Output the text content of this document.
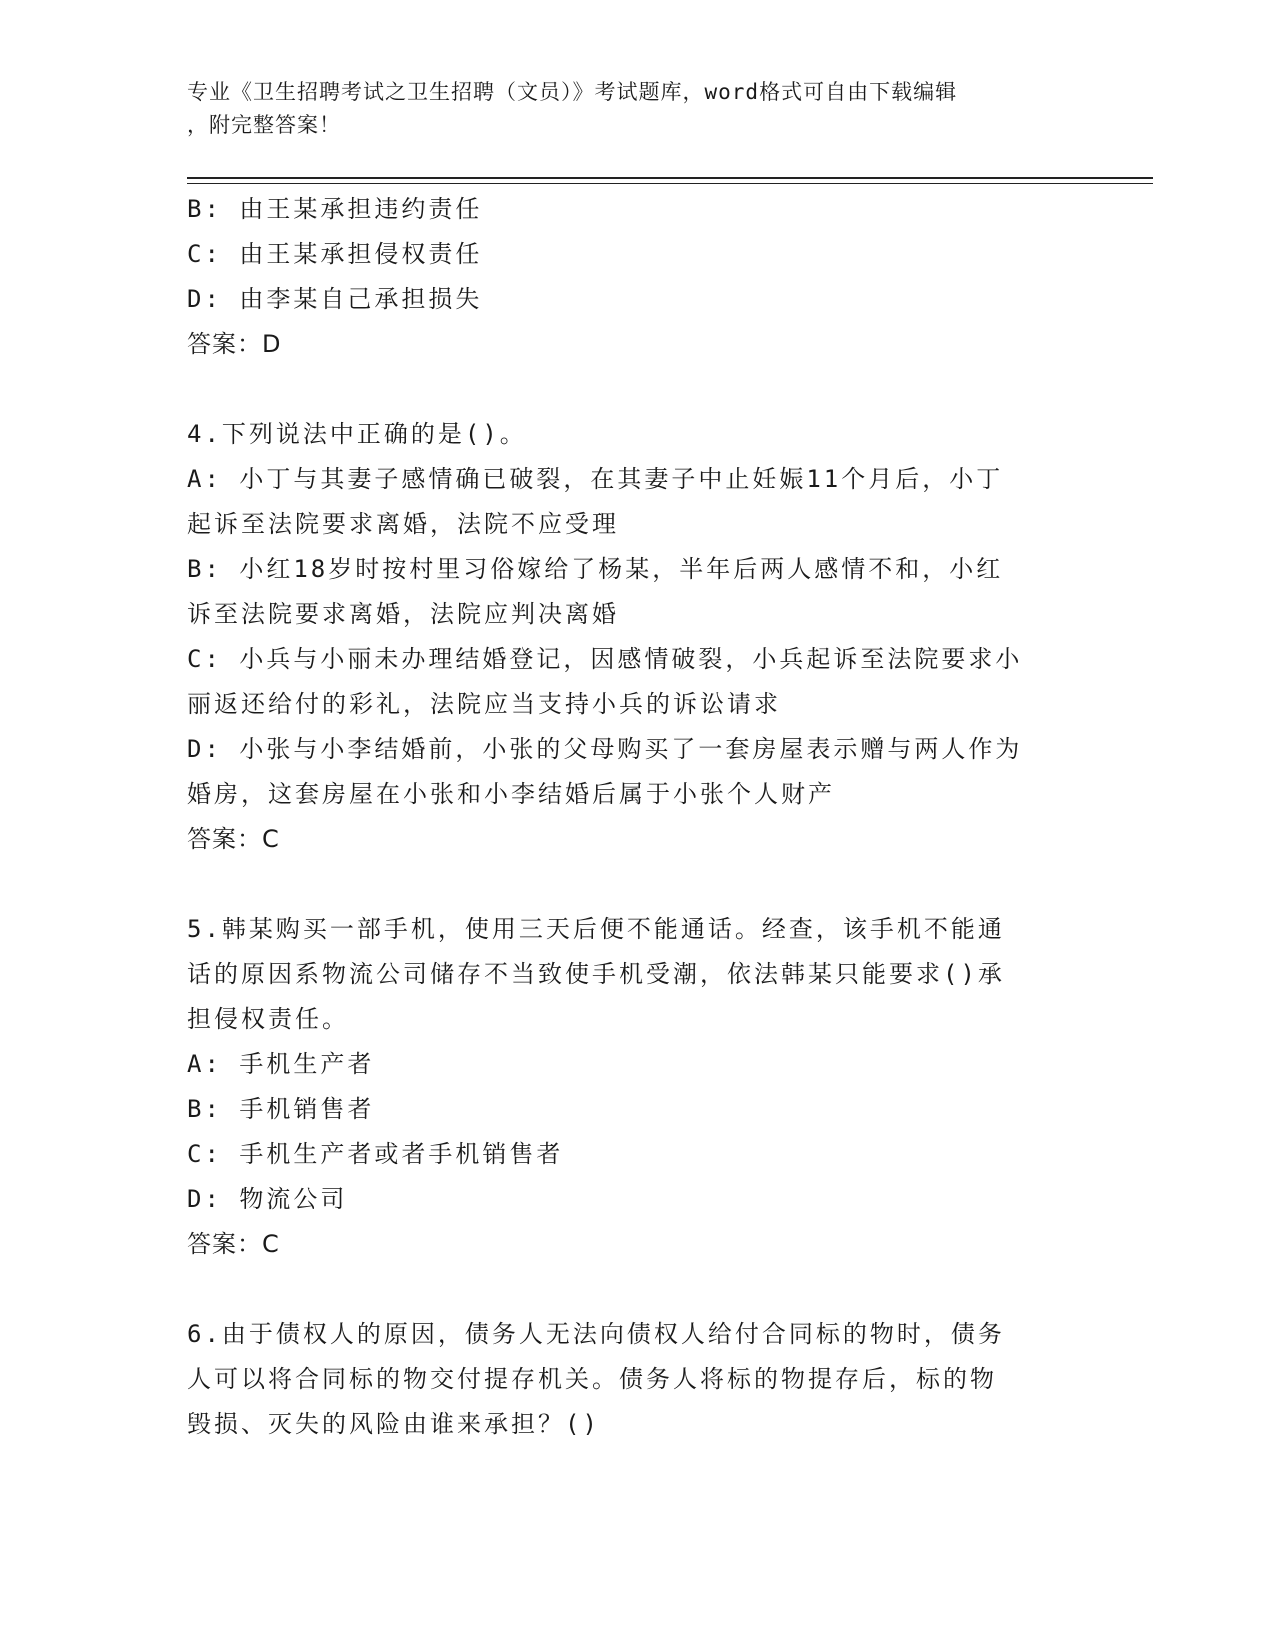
专业《卫生招聘考试之卫生招聘（文员）》考试题库，word格式可自由下载编辑
，附完整答案！
B: 由王某承担违约责任
C: 由王某承担侵权责任
D: 由李某自己承担损失
答案：D
4.下列说法中正确的是()。
A: 小丁与其妻子感情确已破裂，在其妻子中止妊娠11个月后，小丁
起诉至法院要求离婚，法院不应受理
B: 小红18岁时按村里习俗嫁给了杨某，半年后两人感情不和，小红
诉至法院要求离婚，法院应判决离婚
C: 小兵与小丽未办理结婚登记，因感情破裂，小兵起诉至法院要求小
丽返还给付的彩礼，法院应当支持小兵的诉讼请求
D: 小张与小李结婚前，小张的父母购买了一套房屋表示赠与两人作为
婚房，这套房屋在小张和小李结婚后属于小张个人财产
答案：C
5.韩某购买一部手机，使用三天后便不能通话。经查，该手机不能通
话的原因系物流公司储存不当致使手机受潮，依法韩某只能要求()承
担侵权责任。
A: 手机生产者
B: 手机销售者
C: 手机生产者或者手机销售者
D: 物流公司
答案：C
6.由于债权人的原因，债务人无法向债权人给付合同标的物时，债务
人可以将合同标的物交付提存机关。债务人将标的物提存后，标的物
毁损、灭失的风险由谁来承担？()
